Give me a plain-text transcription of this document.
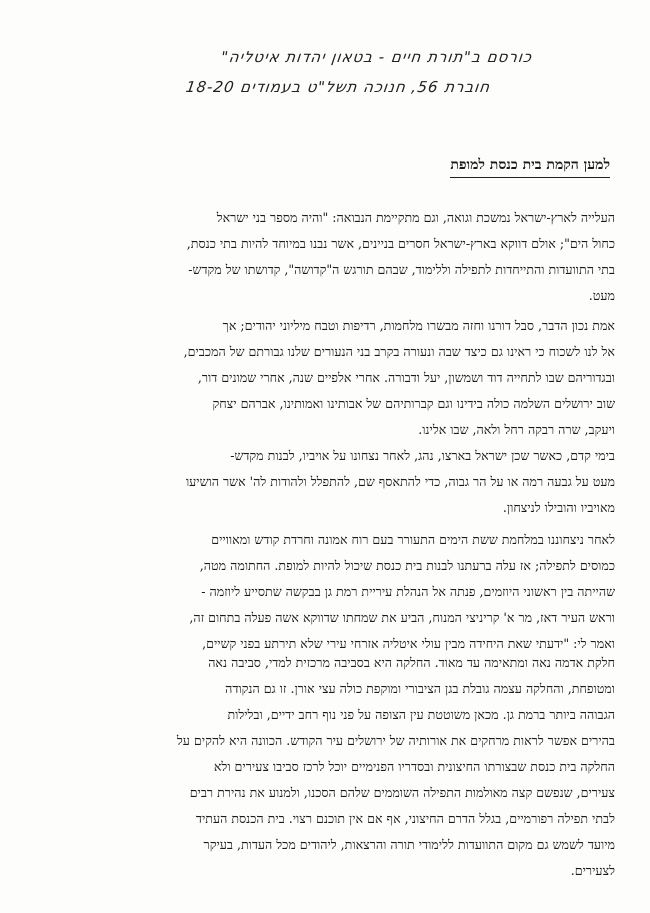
כורסם ב"תורת חיים - בטאון יהדות איטליה"
חוברת 56, חנוכה תשל"ט בעמודים 18-20
למען הקמת בית כנסת למופת
העלייה לארץ-ישראל נמשכת וגואה, וגם מתקיימת הנבואה: "והיה מספר בני ישראל
כחול הים"; אולם דווקא בארץ-ישראל חסרים בניינים, אשר נבנו במיוחד להיות בתי כנסת,
בתי התוועדות והתייחדות לתפילה וללימוד, שבהם תורגש ה"קדושה", קדושתו של מקדש-
מעט.
אמת נכון הדבר, סבל דורנו וחזה מבשרו מלחמות, רדיפות וטבח מיליוני יהודים; אך
אל לנו לשכוח כי ראינו גם כיצד שבה ונעורה בקרב בני הנעורים שלנו גבורתם של המכבים,
ובגדוריהם שבו לתחייה דוד ושמשון, יעל ודבורה. אחרי אלפיים שנה, אחרי שמונים דור,
שוב ירושלים השלמה כולה בידינו וגם קברותיהם של אבותינו ואמותינו, אברהם יצחק
ויעקב, שרה רבקה רחל ולאה, שבו אלינו.
בימי קדם, כאשר שכן ישראל בארצו, נהג, לאחר נצחונו על אויביו, לבנות מקדש-
מעט על גבעה רמה או על הר גבוה, כדי להתאסף שם, להתפלל ולהודות לה' אשר הושיעו
מאויביו והובילו לניצחון.
לאחר ניצחוננו במלחמת ששת הימים התעורר בעם רוח אמונה וחרדת קודש ומאוויים
כמוסים לתפילה; אז עלה ברעתנו לבנות בית כנסת שיכול להיות למופת. החתומה מטה,
שהייתה בין ראשוני היוזמים, פנתה אל הנהלת עיריית רמת גן בבקשה שתסייע ליוזמה -
וראש העיר דאז, מר א' קריניצי המנוח, הביע את שמחתו שדווקא אשה פעלה בתחום זה,
ואמר לי: "ידעתי שאת היחידה מבין עולי איטליה אזרחי עירי שלא תירתע בפני קשיים,
חלקת אדמה נאה ומתאימה עד מאוד. החלקה היא בסביבה מרכזית למדי, סביבה נאה
ומטופחת, והחלקה עצמה גובלת בגן הציבורי ומוקפת כולה עצי אורן. זו גם הנקודה
הגבוהה ביותר ברמת גן. מכאן משוטטת עין הצופה על פני נוף רחב ידיים, ובלילות
בהירים אפשר לראות מרחקים את אורותיה של ירושלים עיר הקודש. הכוונה היא להקים על
החלקה בית כנסת שבצורתו החיצונית ובסדריו הפנימיים יוכל לרכז סביבו צעירים ולא
צעירים, שנפשם קצה מאולמות התפילה השוממים שלהם הסכנו, ולמנוע את נהירת רבים
לבתי תפילה רפורמיים, בגלל הדרם החיצוני, אף אם אין תוכנם רצוי. בית הכנסת העתיד
מיועד לשמש גם מקום התוועדות ללימודי תורה והרצאות, ליהודים מכל העדות, בעיקר
לצעירים.
